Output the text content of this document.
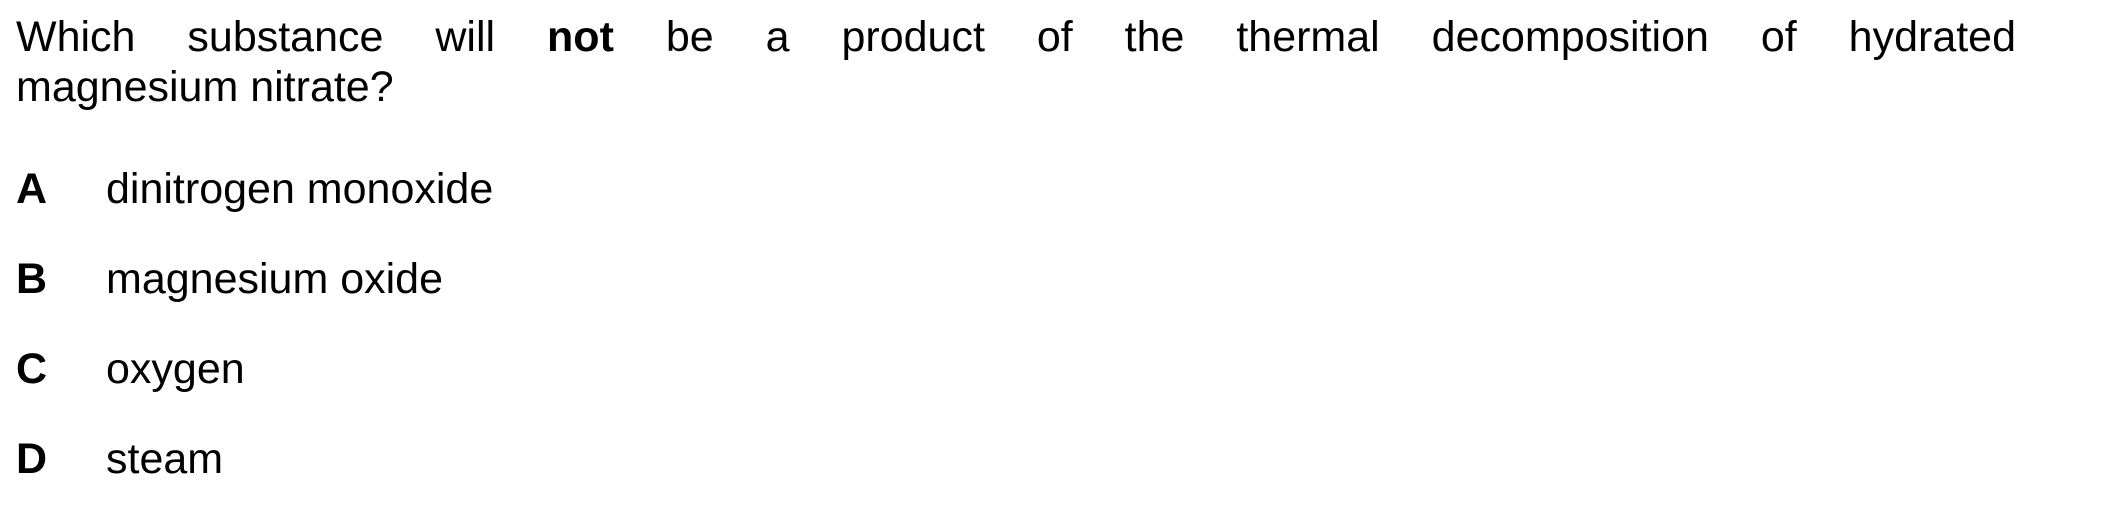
Which substance will not be a product of the thermal decomposition of hydrated
magnesium nitrate?
A dinitrogen monoxide
B magnesium oxide
C oxygen
D steam
